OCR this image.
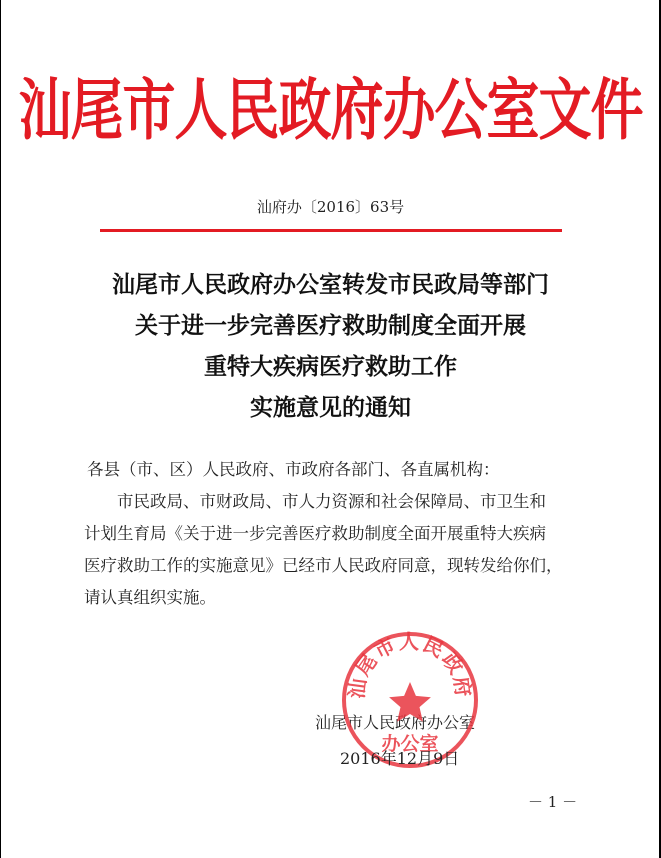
汕尾市人民政府办公室文件
汕府办〔2016〕63号
汕尾市人民政府办公室转发市民政局等部门
关于进一步完善医疗救助制度全面开展
重特大疾病医疗救助工作
实施意见的通知
各县（市、区）人民政府、市政府各部门、各直属机构：
市民政局、市财政局、市人力资源和社会保障局、市卫生和
计划生育局《关于进一步完善医疗救助制度全面开展重特大疾病
医疗救助工作的实施意见》已经市人民政府同意，现转发给你们，
请认真组织实施。
汕尾市人民政府办公室
汕尾市人民政府
办公室
2016年12月9日
－ 1 －
